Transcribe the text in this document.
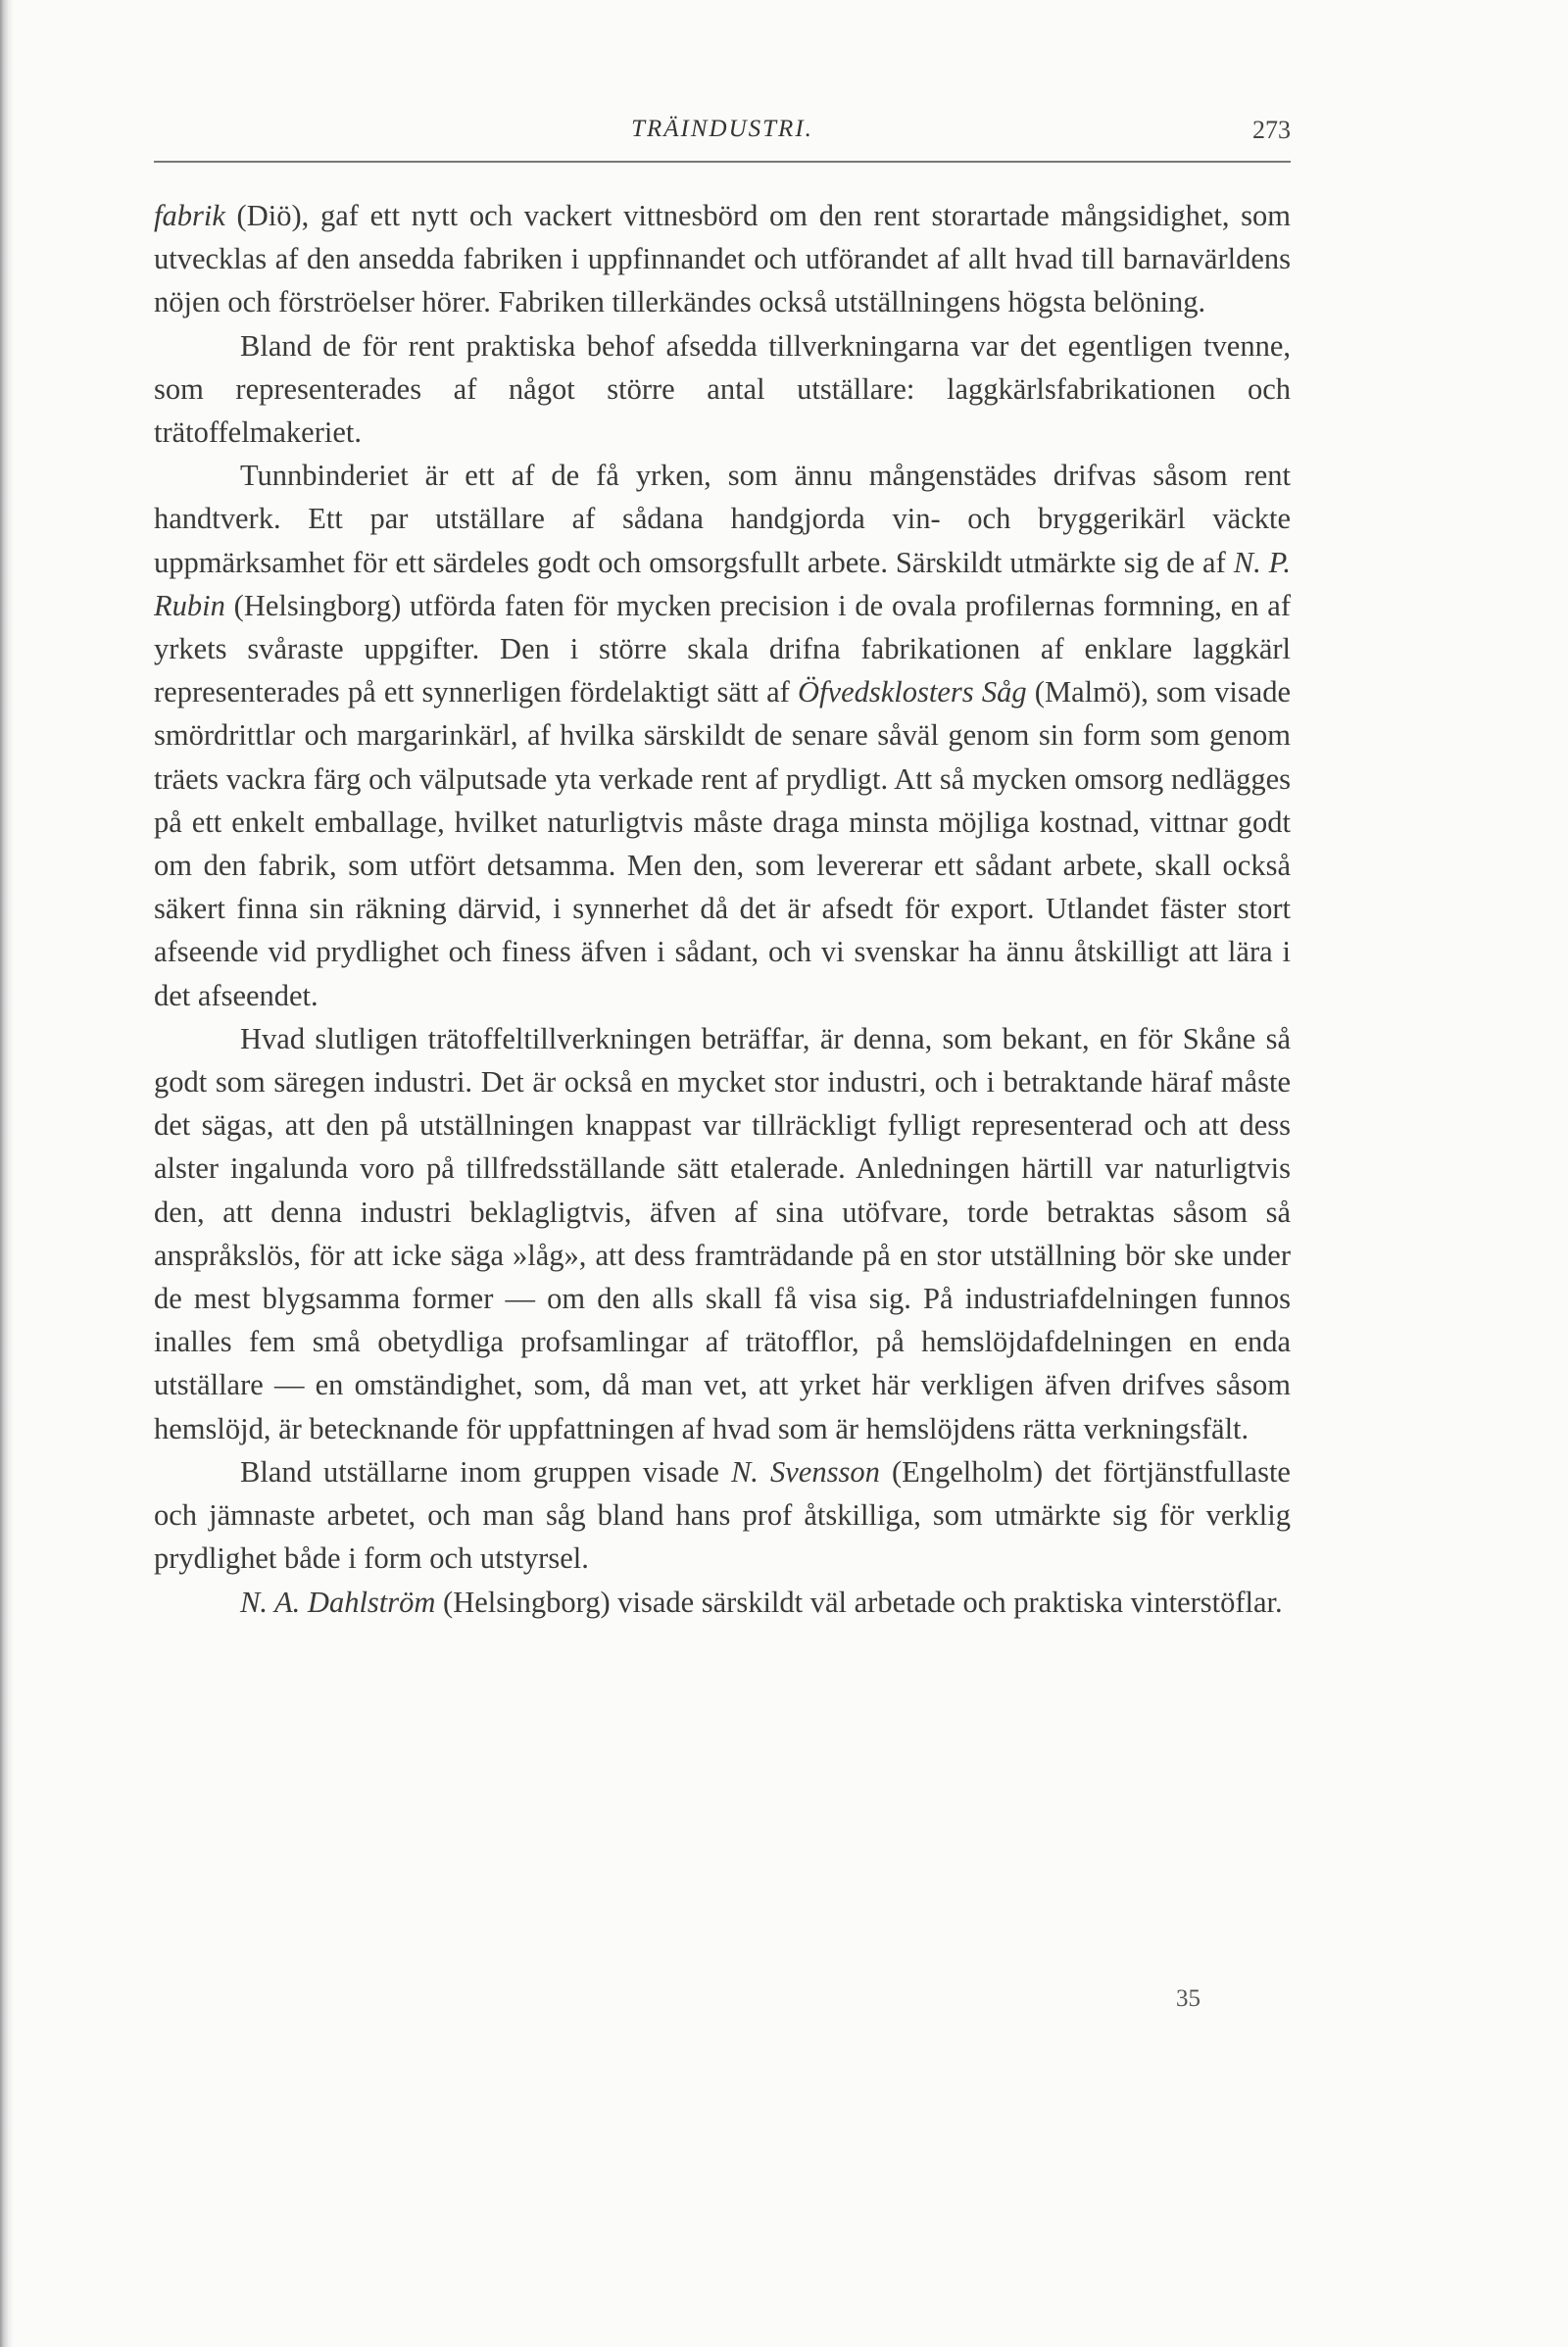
TRÄINDUSTRI.	273

fabrik (Diö), gaf ett nytt och vackert vittnesbörd om den rent storartade mångsidighet, som utvecklas af den ansedda fabriken i uppfinnandet och utförandet af allt hvad till barnavärldens nöjen och förströelser hörer. Fabriken tillerkändes också utställningens högsta belöning.

Bland de för rent praktiska behof afsedda tillverkningarna var det egentligen tvenne, som representerades af något större antal utställare: laggkärlsfabrikationen och trätoffelmakeriet.

Tunnbinderiet är ett af de få yrken, som ännu mångenstädes drifvas såsom rent handtverk. Ett par utställare af sådana handgjorda vin- och bryggerikärl väckte uppmärksamhet för ett särdeles godt och omsorgsfullt arbete. Särskildt utmärkte sig de af N. P. Rubin (Helsingborg) utförda faten för mycken precision i de ovala profilernas formning, en af yrkets svåraste uppgifter. Den i större skala drifna fabrikationen af enklare laggkärl representerades på ett synnerligen fördelaktigt sätt af Öfvedsklosters Såg (Malmö), som visade smördrittlar och margarinkärl, af hvilka särskildt de senare såväl genom sin form som genom träets vackra färg och välputsade yta verkade rent af prydligt. Att så mycken omsorg nedlägges på ett enkelt emballage, hvilket naturligtvis måste draga minsta möjliga kostnad, vittnar godt om den fabrik, som utfört detsamma. Men den, som levererar ett sådant arbete, skall också säkert finna sin räkning därvid, i synnerhet då det är afsedt för export. Utlandet fäster stort afseende vid prydlighet och finess äfven i sådant, och vi svenskar ha ännu åtskilligt att lära i det afseendet.

Hvad slutligen trätoffeltillverkningen beträffar, är denna, som bekant, en för Skåne så godt som säregen industri. Det är också en mycket stor industri, och i betraktande häraf måste det sägas, att den på utställningen knappast var tillräckligt fylligt representerad och att dess alster ingalunda voro på tillfredsställande sätt etalerade. Anledningen härtill var naturligtvis den, att denna industri beklagligtvis, äfven af sina utöfvare, torde betraktas såsom så anspråkslös, för att icke säga »låg», att dess framträdande på en stor utställning bör ske under de mest blygsamma former — om den alls skall få visa sig. På industriafdelningen funnos inalles fem små obetydliga profsamlingar af trätofflor, på hemslöjdafdelningen en enda utställare — en omständighet, som, då man vet, att yrket här verkligen äfven drifves såsom hemslöjd, är betecknande för uppfattningen af hvad som är hemslöjdens rätta verkningsfält.

Bland utställarne inom gruppen visade N. Svensson (Engelholm) det förtjänstfullaste och jämnaste arbetet, och man såg bland hans prof åtskilliga, som utmärkte sig för verklig prydlighet både i form och utstyrsel.

N. A. Dahlström (Helsingborg) visade särskildt väl arbetade och praktiska vinterstöflar.

35
